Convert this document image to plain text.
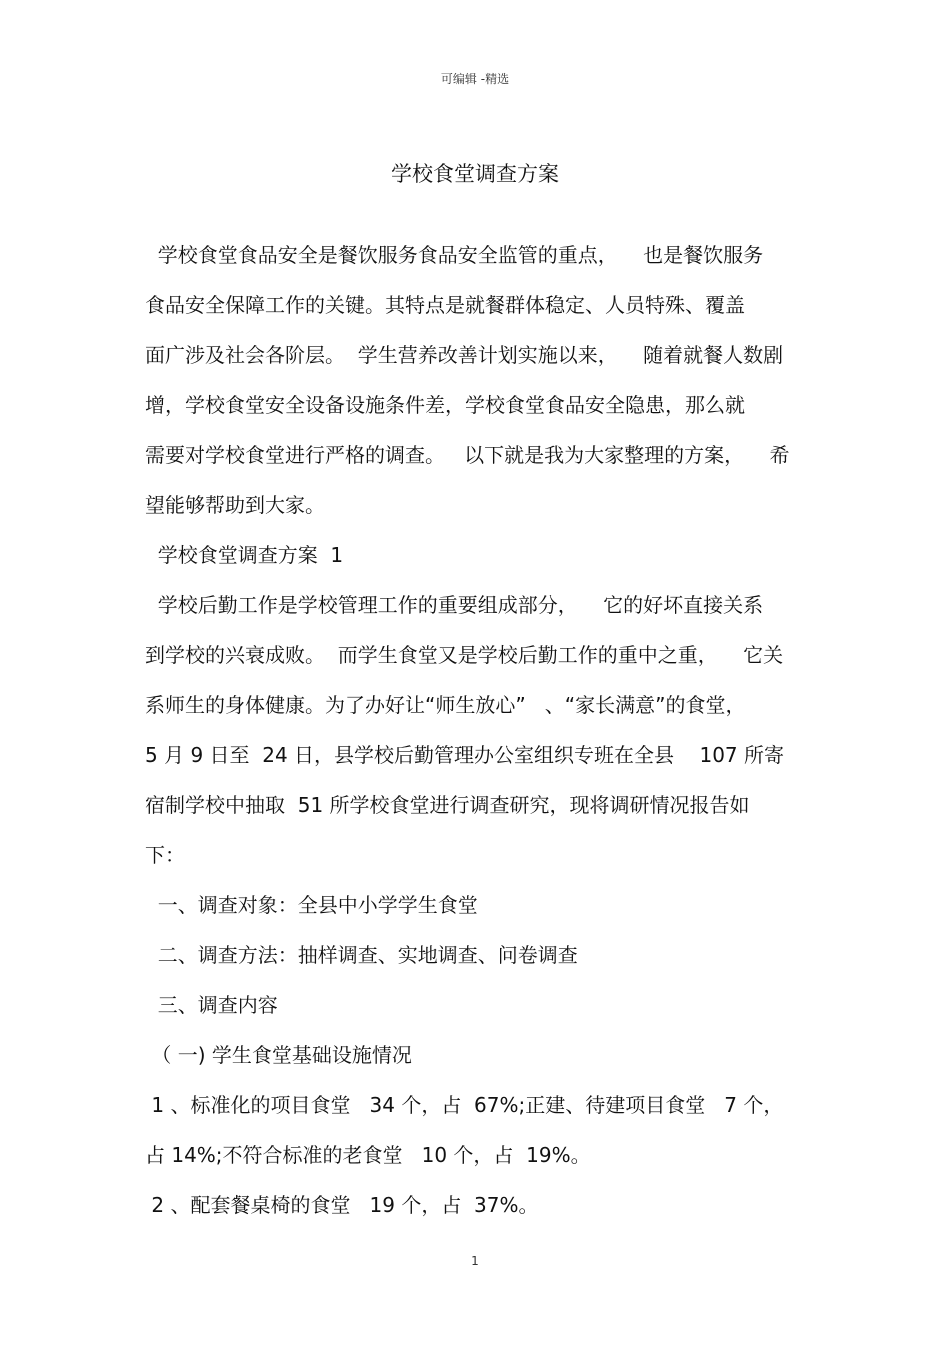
可编辑 -精选
学校食堂调查方案
学校食堂食品安全是餐饮服务食品安全监管的重点，    也是餐饮服务
食品安全保障工作的关键。其特点是就餐群体稳定、人员特殊、覆盖
面广涉及社会各阶层。  学生营养改善计划实施以来，    随着就餐人数剧
增，学校食堂安全设备设施条件差，学校食堂食品安全隐患，那么就
需要对学校食堂进行严格的调查。   以下就是我为大家整理的方案，    希
望能够帮助到大家。
学校食堂调查方案  1
学校后勤工作是学校管理工作的重要组成部分，    它的好坏直接关系
到学校的兴衰成败。  而学生食堂又是学校后勤工作的重中之重，    它关
系师生的身体健康。为了办好让“师生放心”   、“家长满意”的食堂，
5 月 9 日至  24 日，县学校后勤管理办公室组织专班在全县    107 所寄
宿制学校中抽取  51 所学校食堂进行调查研究，现将调研情况报告如
下：
一、调查对象：全县中小学学生食堂
二、调查方法：抽样调查、实地调查、问卷调查
三、调查内容
（ 一) 学生食堂基础设施情况
1 、标准化的项目食堂   34 个，占  67%;正建、待建项目食堂   7 个，
占 14%;不符合标准的老食堂   10 个，占  19%。
2 、配套餐桌椅的食堂   19 个，占  37%。
1
